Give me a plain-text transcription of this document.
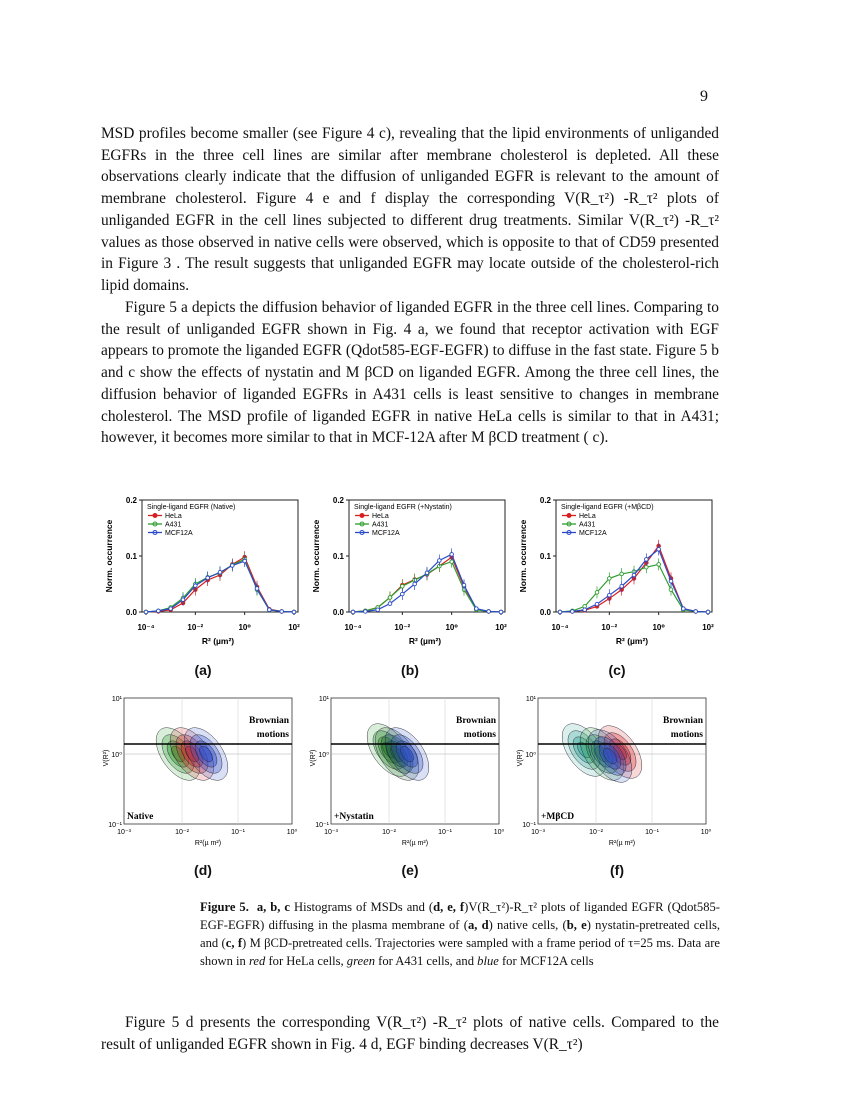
9

MSD profiles become smaller (see Figure 4 c), revealing that the lipid environments of unliganded EGFRs in the three cell lines are similar after membrane cholesterol is depleted. All these observations clearly indicate that the diffusion of unliganded EGFR is relevant to the amount of membrane cholesterol. Figure 4 e and f display the corresponding V(R_τ²) -R_τ² plots of unliganded EGFR in the cell lines subjected to different drug treatments. Similar V(R_τ²) -R_τ² values as those observed in native cells were observed, which is opposite to that of CD59 presented in Figure 3 . The result suggests that unliganded EGFR may locate outside of the cholesterol-rich lipid domains.

Figure 5 a depicts the diffusion behavior of liganded EGFR in the three cell lines. Comparing to the result of unliganded EGFR shown in Fig. 4 a, we found that receptor activation with EGF appears to promote the liganded EGFR (Qdot585-EGF-EGFR) to diffuse in the fast state. Figure 5 b and c show the effects of nystatin and M βCD on liganded EGFR. Among the three cell lines, the diffusion behavior of liganded EGFRs in A431 cells is least sensitive to changes in membrane cholesterol. The MSD profile of liganded EGFR in native HeLa cells is similar to that in A431; however, it becomes more similar to that in MCF-12A after M βCD treatment ( c).

0.0
0.1
0.2
10⁻⁴	10⁻²	10⁰	10²
R² (µm²)
Norm. occurrence
Single-ligand EGFR (Native)
HeLa
A431
MCF12A
(a)
0.0
0.1
0.2
10⁻⁴	10⁻²	10⁰	10²
R² (µm²)
Norm. occurrence
Single-ligand EGFR (+Nystatin)
HeLa
A431
MCF12A
(b)
0.0
0.1
0.2
10⁻⁴	10⁻²	10⁰	10²
R² (µm²)
Norm. occurrence
Single-ligand EGFR (+MβCD)
HeLa
A431
MCF12A
(c)
Brownian
motions
Native
10¹
10⁰
10⁻¹
10⁻³	10⁻²	10⁻¹	10⁰
R²(µ m²)
V(R²)
(d)
Brownian
motions
+Nystatin
10¹
10⁰
10⁻¹
10⁻³	10⁻²	10⁻¹	10⁰
R²(µ m²)
V(R²)
(e)
Brownian
motions
+MβCD
10¹
10⁰
10⁻¹
10⁻³	10⁻²	10⁻¹	10⁰
R²(µ m²)
V(R²)
(f)

Figure 5. a, b, c Histograms of MSDs and (d, e, f)V(R_τ²)-R_τ² plots of liganded EGFR (Qdot585-EGF-EGFR) diffusing in the plasma membrane of (a, d) native cells, (b, e) nystatin-pretreated cells, and (c, f) M βCD-pretreated cells. Trajectories were sampled with a frame period of τ=25 ms. Data are shown in red for HeLa cells, green for A431 cells, and blue for MCF12A cells

Figure 5 d presents the corresponding V(R_τ²) -R_τ² plots of native cells. Compared to the result of unliganded EGFR shown in Fig. 4 d, EGF binding decreases V(R_τ²)
